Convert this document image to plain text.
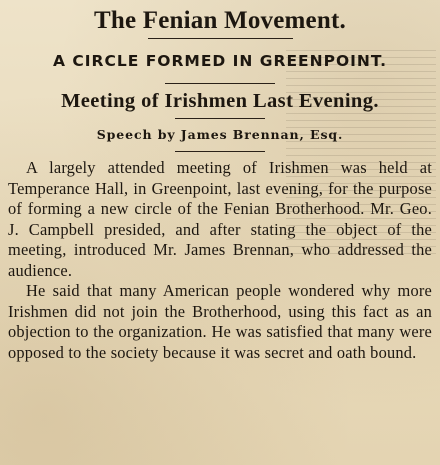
The Fenian Movement.
A CIRCLE FORMED IN GREENPOINT.
Meeting of Irishmen Last Evening.
Speech by James Brennan, Esq.

A largely attended meeting of Irishmen was held at Temperance Hall, in Greenpoint, last evening, for the purpose of forming a new circle of the Fenian Brotherhood. Mr. Geo. J. Campbell presided, and after stating the object of the meeting, introduced Mr. James Brennan, who addressed the audience.

He said that many American people wondered why more Irishmen did not join the Brotherhood, using this fact as an objection to the organization. He was satisfied that many were opposed to the society because it was secret and oath bound.
